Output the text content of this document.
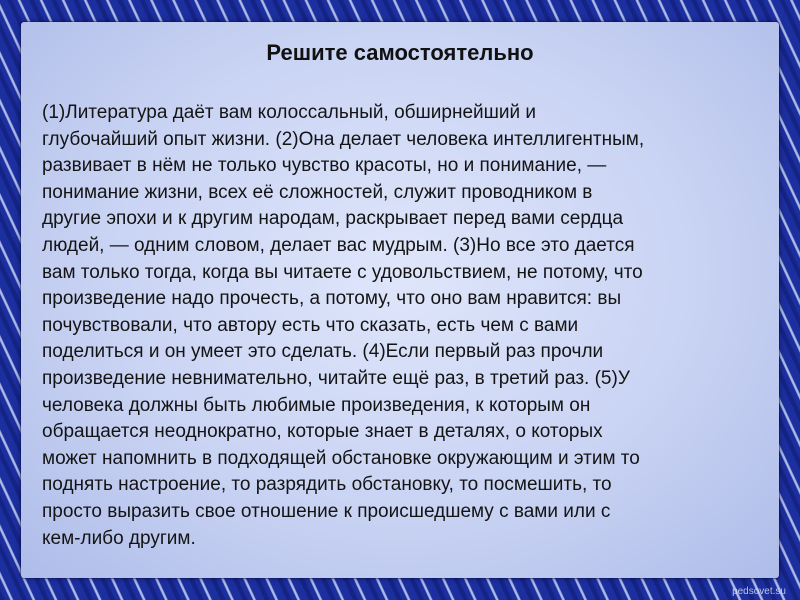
Решите самостоятельно

(1)Литература даёт вам колоссальный, обширнейший и
глубочайший опыт жизни. (2)Она делает человека интеллигентным,
развивает в нём не только чувство красоты, но и понимание, —
понимание жизни, всех её сложностей, служит проводником в
другие эпохи и к другим народам, раскрывает перед вами сердца
людей, — одним словом, делает вас мудрым. (3)Но все это дается
вам только тогда, когда вы читаете с удовольствием, не потому, что
произведение надо прочесть, а потому, что оно вам нравится: вы
почувствовали, что автору есть что сказать, есть чем с вами
поделиться и он умеет это сделать. (4)Если первый раз прочли
произведение невнимательно, читайте ещё раз, в третий раз. (5)У
человека должны быть любимые произведения, к которым он
обращается неоднократно, которые знает в деталях, о которых
может напомнить в подходящей обстановке окружающим и этим то
поднять настроение, то разрядить обстановку, то посмешить, то
просто выразить свое отношение к происшедшему с вами или с
кем-либо другим.

pedsovet.su
